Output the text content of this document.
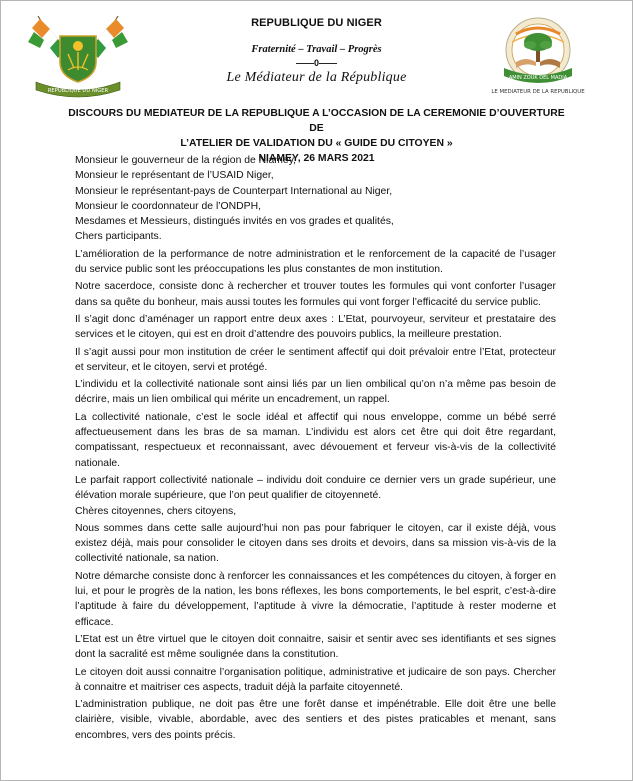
REPUBLIQUE DU NIGER
REPUBLIQUE DU NIGER
Fraternité – Travail – Progrès
——0——
Le Médiateur de la République	AMIN ZOUK DEL MADIA
LE MEDIATEUR DE LA REPUBLIQUE
DISCOURS DU MEDIATEUR DE LA REPUBLIQUE A L’OCCASION DE LA CEREMONIE D’OUVERTURE DE
L’ATELIER DE VALIDATION DU « GUIDE DU CITOYEN »
NIAMEY, 26 MARS 2021

Monsieur le gouverneur de la région de Niamey,

Monsieur le représentant de l’USAID Niger,

Monsieur le représentant-pays de Counterpart International au Niger,

Monsieur le coordonnateur de l’ONDPH,

Mesdames et Messieurs, distingués invités en vos grades et qualités,

Chers participants.

L’amélioration de la performance de notre administration et le renforcement de la capacité de l’usager du service public sont les préoccupations les plus constantes de mon institution.

Notre sacerdoce, consiste donc à rechercher et trouver toutes les formules qui vont conforter l’usager dans sa quête du bonheur, mais aussi toutes les formules qui vont forger l’efficacité du service public.

Il s’agit donc d’aménager un rapport entre deux axes : L’Etat, pourvoyeur, serviteur et prestataire des services et le citoyen, qui est en droit d’attendre des pouvoirs publics, la meilleure prestation.

Il s’agit aussi pour mon institution de créer le sentiment affectif qui doit prévaloir entre l’Etat, protecteur et serviteur, et le citoyen, servi et protégé.

L’individu et la collectivité nationale sont ainsi liés par un lien ombilical qu’on n’a même pas besoin de décrire, mais un lien ombilical qui mérite un encadrement, un rappel.

La collectivité nationale, c’est le socle idéal et affectif qui nous enveloppe, comme un bébé serré affectueusement dans les bras de sa maman. L’individu est alors cet être qui doit être regardant, compatissant, respectueux et reconnaissant, avec dévouement et ferveur vis-à-vis de la collectivité nationale.

Le parfait rapport collectivité nationale – individu doit conduire ce dernier vers un grade supérieur, une élévation morale supérieure, que l’on peut qualifier de citoyenneté.

Chères citoyennes, chers citoyens,

Nous sommes dans cette salle aujourd’hui non pas pour fabriquer le citoyen, car il existe déjà, vous existez déjà, mais pour consolider le citoyen dans ses droits et devoirs, dans sa mission vis-à-vis de la collectivité nationale, sa nation.

Notre démarche consiste donc à renforcer les connaissances et les compétences du citoyen, à forger en lui, et pour le progrès de la nation, les bons réflexes, les bons comportements, le bel esprit, c’est-à-dire l’aptitude à faire du développement, l’aptitude à vivre la démocratie, l’aptitude à rester moderne et efficace.

L’Etat est un être virtuel que le citoyen doit connaitre, saisir et sentir avec ses identifiants et ses signes dont la sacralité est même soulignée dans la constitution.

Le citoyen doit aussi connaitre l’organisation politique, administrative et judicaire de son pays. Chercher à connaitre et maitriser ces aspects, traduit déjà la parfaite citoyenneté.

L’administration publique, ne doit pas être une forêt danse et impénétrable. Elle doit être une belle clairière, visible, vivable, abordable, avec des sentiers et des pistes praticables et menant, sans encombres, vers des points précis.
